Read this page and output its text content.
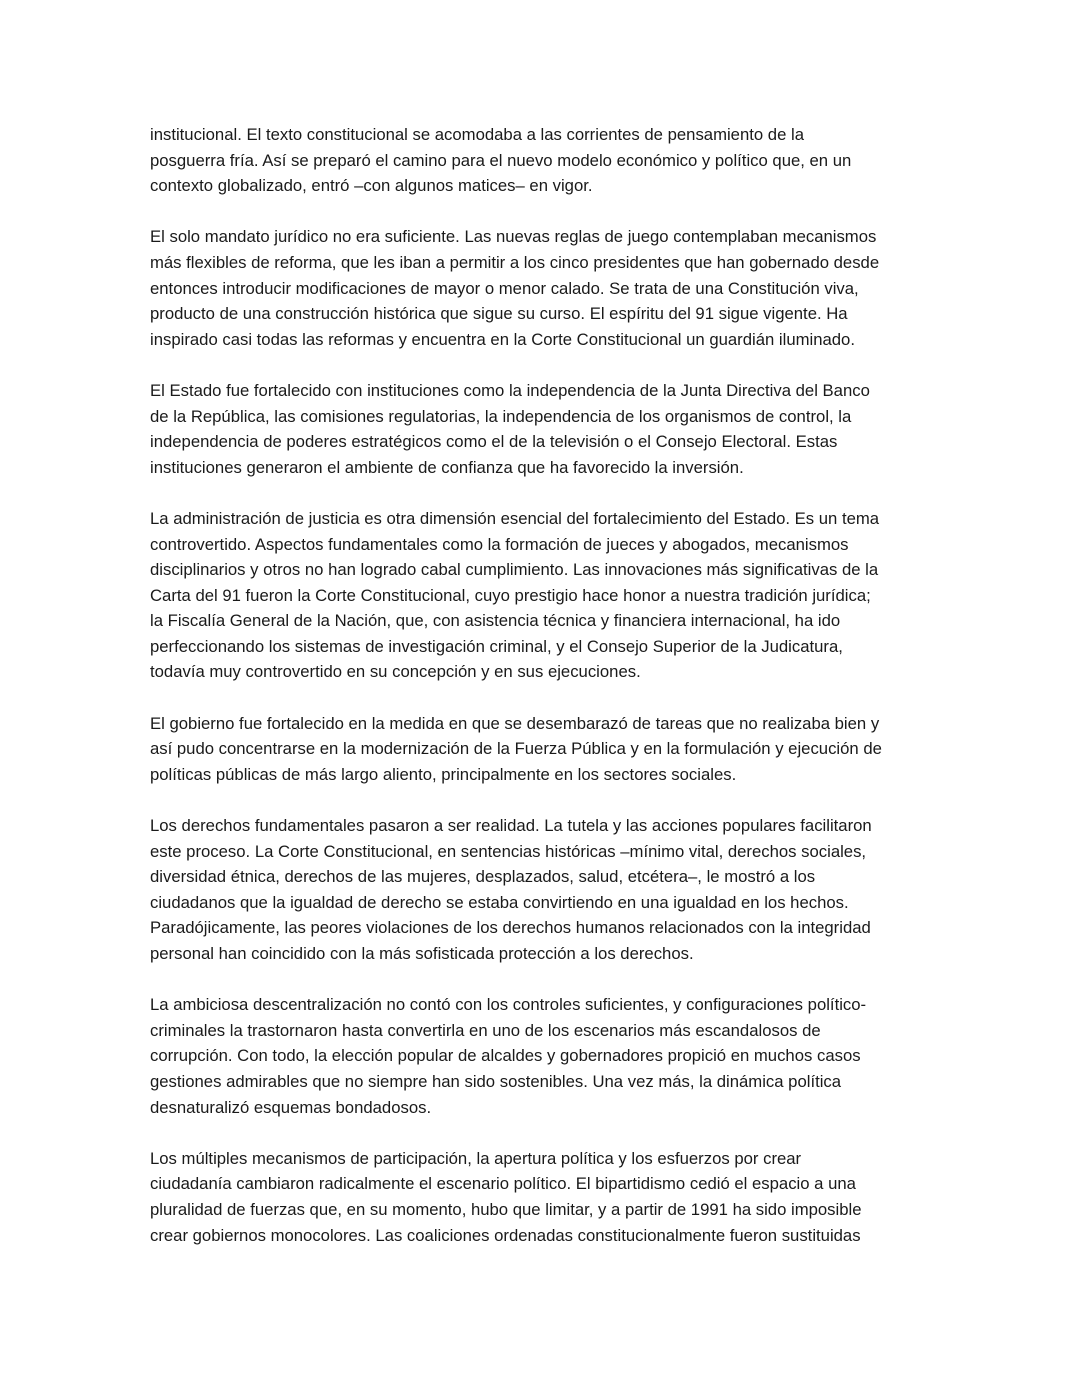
institucional. El texto constitucional se acomodaba a las corrientes de pensamiento de la
posguerra fría. Así se preparó el camino para el nuevo modelo económico y político que, en un
contexto globalizado, entró –con algunos matices– en vigor.

El solo mandato jurídico no era suficiente. Las nuevas reglas de juego contemplaban mecanismos
más flexibles de reforma, que les iban a permitir a los cinco presidentes que han gobernado desde
entonces introducir modificaciones de mayor o menor calado. Se trata de una Constitución viva,
producto de una construcción histórica que sigue su curso. El espíritu del 91 sigue vigente. Ha
inspirado casi todas las reformas y encuentra en la Corte Constitucional un guardián iluminado.

El Estado fue fortalecido con instituciones como la independencia de la Junta Directiva del Banco
de la República, las comisiones regulatorias, la independencia de los organismos de control, la
independencia de poderes estratégicos como el de la televisión o el Consejo Electoral. Estas
instituciones generaron el ambiente de confianza que ha favorecido la inversión.

La administración de justicia es otra dimensión esencial del fortalecimiento del Estado. Es un tema
controvertido. Aspectos fundamentales como la formación de jueces y abogados, mecanismos
disciplinarios y otros no han logrado cabal cumplimiento. Las innovaciones más significativas de la
Carta del 91 fueron la Corte Constitucional, cuyo prestigio hace honor a nuestra tradición jurídica;
la Fiscalía General de la Nación, que, con asistencia técnica y financiera internacional, ha ido
perfeccionando los sistemas de investigación criminal, y el Consejo Superior de la Judicatura,
todavía muy controvertido en su concepción y en sus ejecuciones.

El gobierno fue fortalecido en la medida en que se desembarazó de tareas que no realizaba bien y
así pudo concentrarse en la modernización de la Fuerza Pública y en la formulación y ejecución de
políticas públicas de más largo aliento, principalmente en los sectores sociales.

Los derechos fundamentales pasaron a ser realidad. La tutela y las acciones populares facilitaron
este proceso. La Corte Constitucional, en sentencias históricas –mínimo vital, derechos sociales,
diversidad étnica, derechos de las mujeres, desplazados, salud, etcétera–, le mostró a los
ciudadanos que la igualdad de derecho se estaba convirtiendo en una igualdad en los hechos.
Paradójicamente, las peores violaciones de los derechos humanos relacionados con la integridad
personal han coincidido con la más sofisticada protección a los derechos.

La ambiciosa descentralización no contó con los controles suficientes, y configuraciones político-
criminales la trastornaron hasta convertirla en uno de los escenarios más escandalosos de
corrupción. Con todo, la elección popular de alcaldes y gobernadores propició en muchos casos
gestiones admirables que no siempre han sido sostenibles. Una vez más, la dinámica política
desnaturalizó esquemas bondadosos.

Los múltiples mecanismos de participación, la apertura política y los esfuerzos por crear
ciudadanía cambiaron radicalmente el escenario político. El bipartidismo cedió el espacio a una
pluralidad de fuerzas que, en su momento, hubo que limitar, y a partir de 1991 ha sido imposible
crear gobiernos monocolores. Las coaliciones ordenadas constitucionalmente fueron sustituidas
